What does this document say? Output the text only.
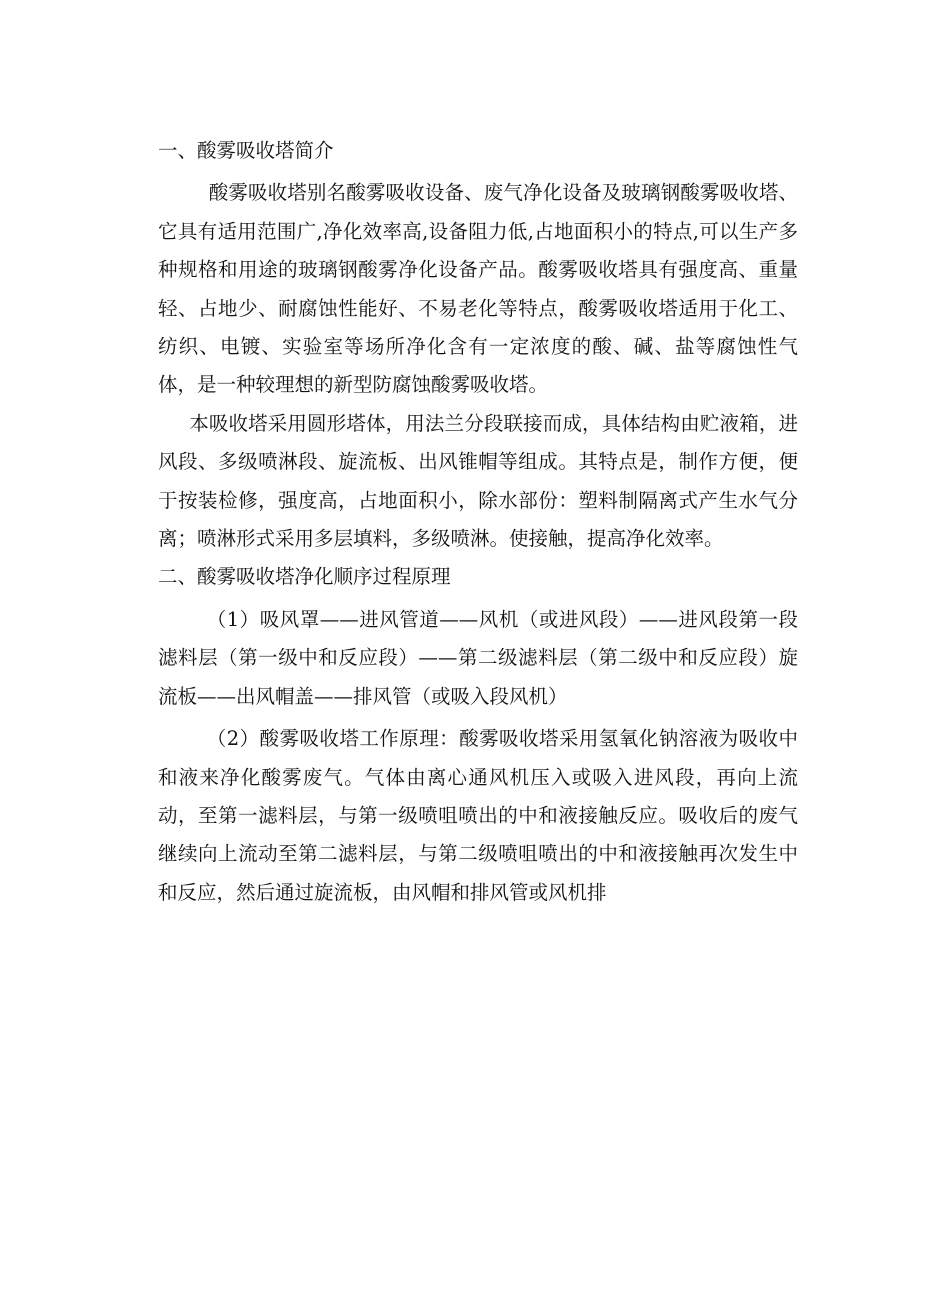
一、酸雾吸收塔简介

酸雾吸收塔别名酸雾吸收设备、废气净化设备及玻璃钢酸雾吸收塔、它具有适用范围广,净化效率高,设备阻力低,占地面积小的特点,可以生产多种规格和用途的玻璃钢酸雾净化设备产品。酸雾吸收塔具有强度高、重量轻、占地少、耐腐蚀性能好、不易老化等特点，酸雾吸收塔适用于化工、纺织、电镀、实验室等场所净化含有一定浓度的酸、碱、盐等腐蚀性气体，是一种较理想的新型防腐蚀酸雾吸收塔。

本吸收塔采用圆形塔体，用法兰分段联接而成，具体结构由贮液箱，进风段、多级喷淋段、旋流板、出风锥帽等组成。其特点是，制作方便，便于按装检修，强度高，占地面积小，除水部份：塑料制隔离式产生水气分离；喷淋形式采用多层填料，多级喷淋。使接触，提高净化效率。

二、酸雾吸收塔净化顺序过程原理

（1）吸风罩——进风管道——风机（或进风段）——进风段第一段滤料层（第一级中和反应段）——第二级滤料层（第二级中和反应段）旋流板——出风帽盖——排风管（或吸入段风机）

（2）酸雾吸收塔工作原理：酸雾吸收塔采用氢氧化钠溶液为吸收中和液来净化酸雾废气。气体由离心通风机压入或吸入进风段，再向上流动，至第一滤料层，与第一级喷咀喷出的中和液接触反应。吸收后的废气继续向上流动至第二滤料层，与第二级喷咀喷出的中和液接触再次发生中和反应，然后通过旋流板，由风帽和排风管或风机排
